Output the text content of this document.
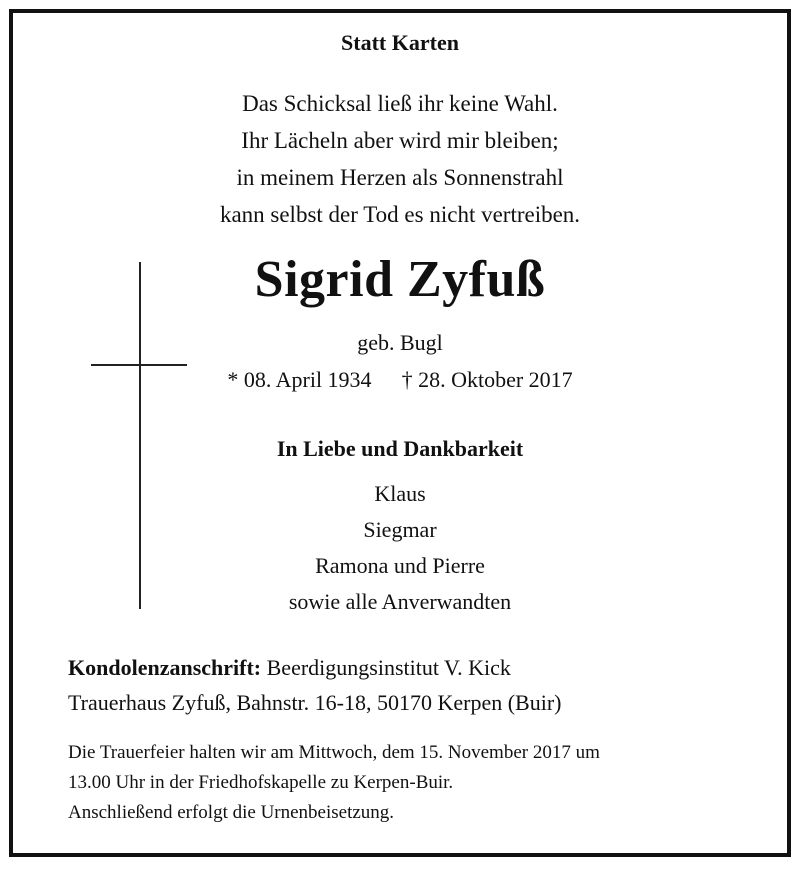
Statt Karten
Das Schicksal ließ ihr keine Wahl.
Ihr Lächeln aber wird mir bleiben;
in meinem Herzen als Sonnenstrahl
kann selbst der Tod es nicht vertreiben.
Sigrid Zyfuß
geb. Bugl
* 08. April 1934 † 28. Oktober 2017
In Liebe und Dankbarkeit
Klaus
Siegmar
Ramona und Pierre
sowie alle Anverwandten
Kondolenzanschrift: Beerdigungsinstitut V. Kick
Trauerhaus Zyfuß, Bahnstr. 16-18, 50170 Kerpen (Buir)
Die Trauerfeier halten wir am Mittwoch, dem 15. November 2017 um
13.00 Uhr in der Friedhofskapelle zu Kerpen-Buir.
Anschließend erfolgt die Urnenbeisetzung.
